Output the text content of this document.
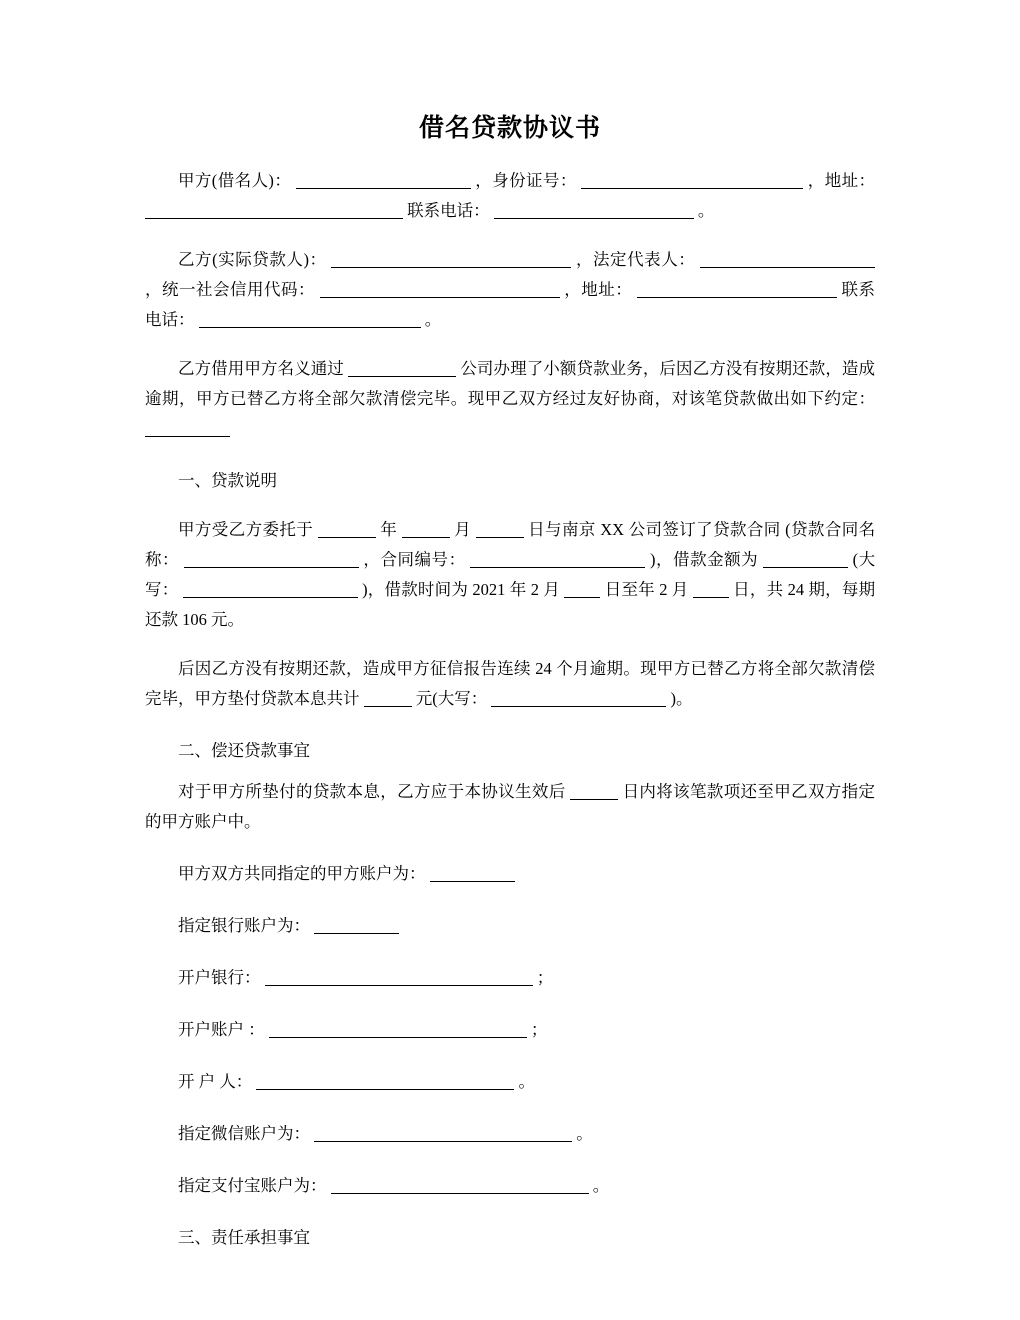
借名贷款协议书

甲方(借名人)：	，身份证号：	，地址：  联系电话：	。

乙方(实际贷款人)：	，法定代表人：  ，统一社会信用代码：	，地址：	联系电话：	。

乙方借用甲方名义通过	公司办理了小额贷款业务，后因乙方没有按期还款，造成逾期，甲方已替乙方将全部欠款清偿完毕。现甲乙双方经过友好协商，对该笔贷款做出如下约定：

一、贷款说明

甲方受乙方委托于	年	月	日与南京 XX 公司签订了贷款合同 (贷款合同名称：	，合同编号：	)，借款金额为	(大写：	)，借款时间为 2021 年 2 月	日至年 2 月	日，共 24 期，每期还款 106 元。

后因乙方没有按期还款，造成甲方征信报告连续 24 个月逾期。现甲方已替乙方将全部欠款清偿完毕，甲方垫付贷款本息共计	元(大写：	)。

二、偿还贷款事宜

对于甲方所垫付的贷款本息，乙方应于本协议生效后	日内将该笔款项还至甲乙双方指定的甲方账户中。

甲方双方共同指定的甲方账户为：

指定银行账户为：

开户银行：	；

开户账户 ：	；

开 户 人：	。

指定微信账户为：	。

指定支付宝账户为：	。

三、责任承担事宜
